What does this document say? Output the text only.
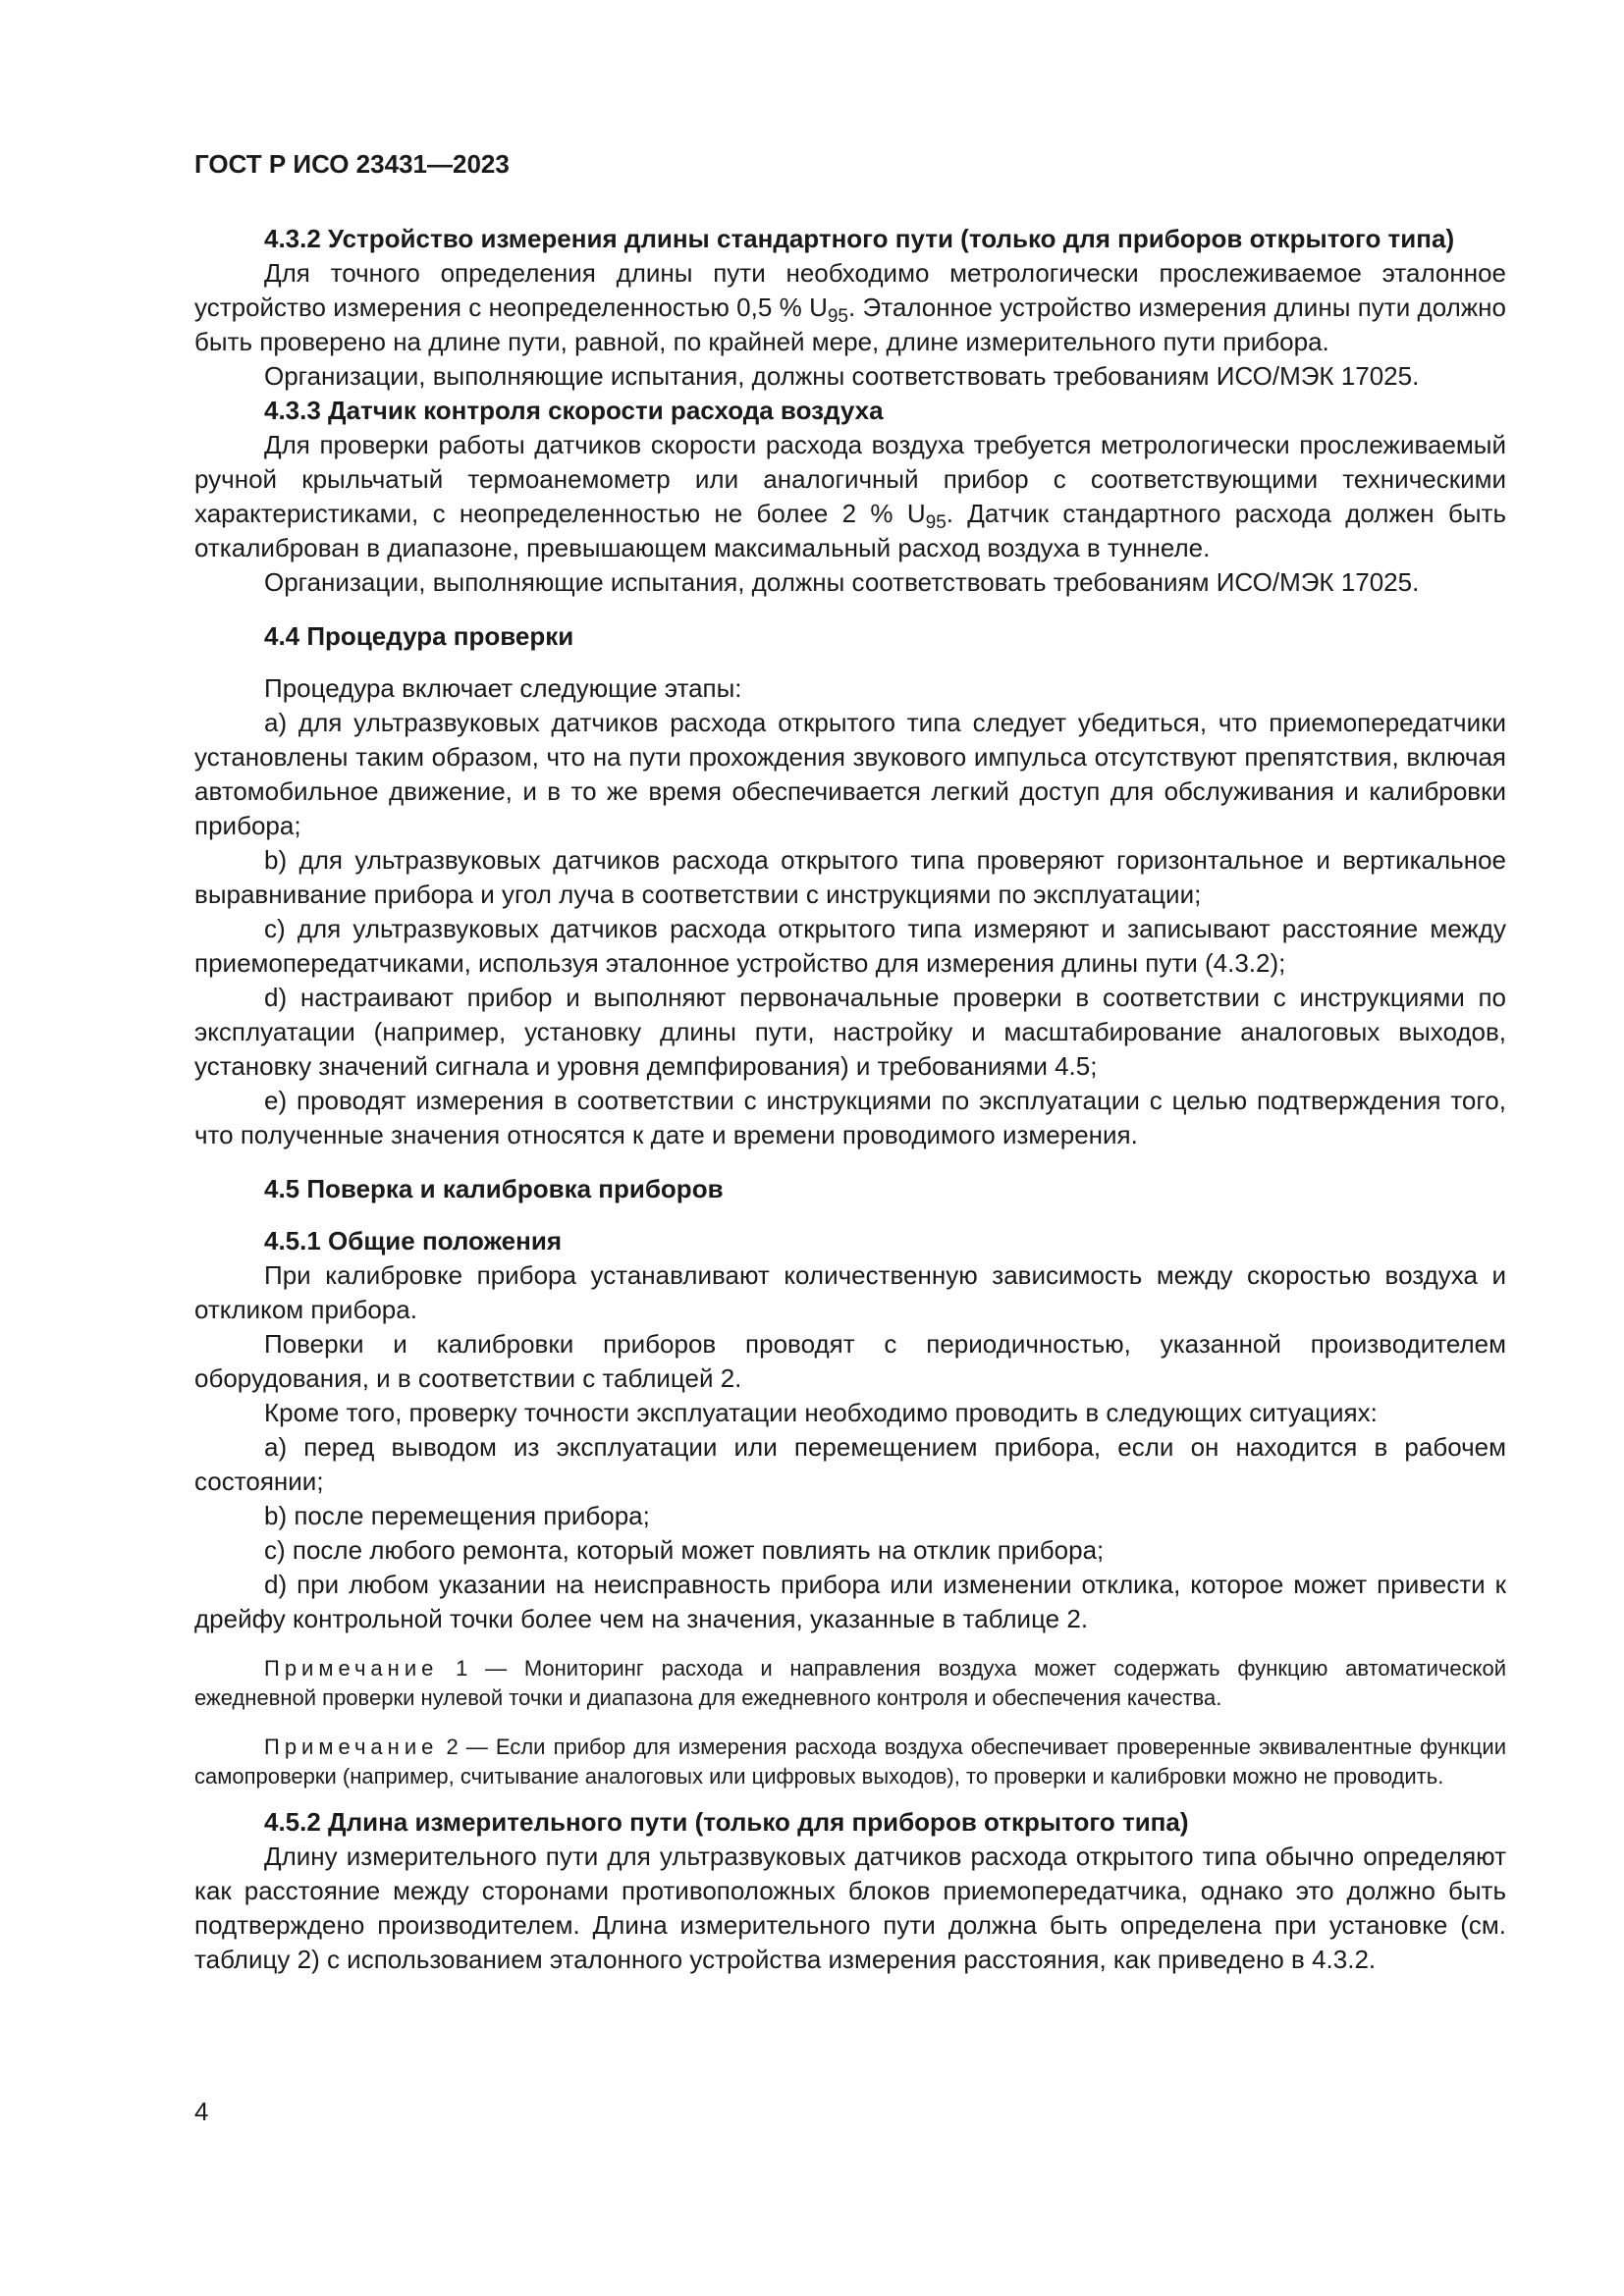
ГОСТ Р ИСО 23431—2023

4.3.2 Устройство измерения длины стандартного пути (только для приборов открытого типа)

Для точного определения длины пути необходимо метрологически прослеживаемое эталонное устройство измерения с неопределенностью 0,5 % $U_{95}$. Эталонное устройство измерения длины пути должно быть проверено на длине пути, равной, по крайней мере, длине измерительного пути прибора.

Организации, выполняющие испытания, должны соответствовать требованиям ИСО/МЭК 17025.

4.3.3 Датчик контроля скорости расхода воздуха

Для проверки работы датчиков скорости расхода воздуха требуется метрологически прослеживаемый ручной крыльчатый термоанемометр или аналогичный прибор с соответствующими техническими характеристиками, с неопределенностью не более 2 % $U_{95}$. Датчик стандартного расхода должен быть откалиброван в диапазоне, превышающем максимальный расход воздуха в туннеле.

Организации, выполняющие испытания, должны соответствовать требованиям ИСО/МЭК 17025.

4.4 Процедура проверки

Процедура включает следующие этапы:

a) для ультразвуковых датчиков расхода открытого типа следует убедиться, что приемопередатчики установлены таким образом, что на пути прохождения звукового импульса отсутствуют препятствия, включая автомобильное движение, и в то же время обеспечивается легкий доступ для обслуживания и калибровки прибора;

b) для ультразвуковых датчиков расхода открытого типа проверяют горизонтальное и вертикальное выравнивание прибора и угол луча в соответствии с инструкциями по эксплуатации;

c) для ультразвуковых датчиков расхода открытого типа измеряют и записывают расстояние между приемопередатчиками, используя эталонное устройство для измерения длины пути (4.3.2);

d) настраивают прибор и выполняют первоначальные проверки в соответствии с инструкциями по эксплуатации (например, установку длины пути, настройку и масштабирование аналоговых выходов, установку значений сигнала и уровня демпфирования) и требованиями 4.5;

e) проводят измерения в соответствии с инструкциями по эксплуатации с целью подтверждения того, что полученные значения относятся к дате и времени проводимого измерения.

4.5 Поверка и калибровка приборов

4.5.1 Общие положения

При калибровке прибора устанавливают количественную зависимость между скоростью воздуха и откликом прибора.

Поверки и калибровки приборов проводят с периодичностью, указанной производителем оборудования, и в соответствии с таблицей 2.

Кроме того, проверку точности эксплуатации необходимо проводить в следующих ситуациях:

a) перед выводом из эксплуатации или перемещением прибора, если он находится в рабочем состоянии;

b) после перемещения прибора;

c) после любого ремонта, который может повлиять на отклик прибора;

d) при любом указании на неисправность прибора или изменении отклика, которое может привести к дрейфу контрольной точки более чем на значения, указанные в таблице 2.

Примечание 1 — Мониторинг расхода и направления воздуха может содержать функцию автоматической ежедневной проверки нулевой точки и диапазона для ежедневного контроля и обеспечения качества.

Примечание 2 — Если прибор для измерения расхода воздуха обеспечивает проверенные эквивалентные функции самопроверки (например, считывание аналоговых или цифровых выходов), то проверки и калибровки можно не проводить.

4.5.2 Длина измерительного пути (только для приборов открытого типа)

Длину измерительного пути для ультразвуковых датчиков расхода открытого типа обычно определяют как расстояние между сторонами противоположных блоков приемопередатчика, однако это должно быть подтверждено производителем. Длина измерительного пути должна быть определена при установке (см. таблицу 2) с использованием эталонного устройства измерения расстояния, как приведено в 4.3.2.

4
